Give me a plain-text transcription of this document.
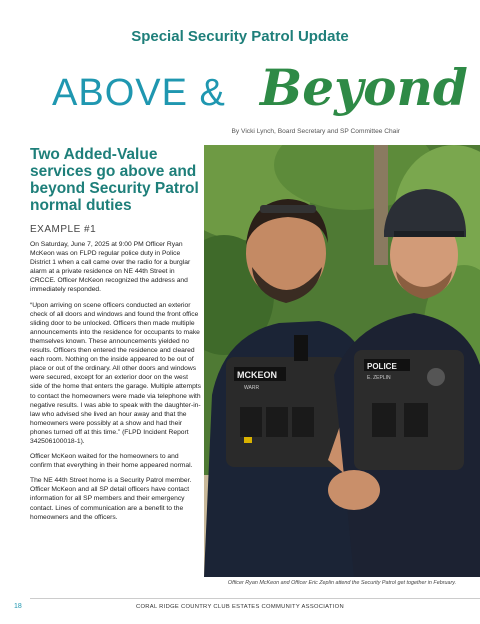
Special Security Patrol Update
ABOVE & Beyond
By Vicki Lynch, Board Secretary and SP Committee Chair
Two Added-Value services go above and beyond Security Patrol normal duties
EXAMPLE #1

On Saturday, June 7, 2025 at 9:00 PM Officer Ryan McKeon was on FLPD regular police duty in Police District 1 when a call came over the radio for a burglar alarm at a private residence on NE 44th Street in CRCCE. Officer McKeon recognized the address and immediately responded.

“Upon arriving on scene officers conducted an exterior check of all doors and windows and found the front office sliding door to be unlocked. Officers then made multiple announcements into the residence for occupants to make themselves known. These announcements yielded no results. Officers then entered the residence and cleared each room. Nothing on the inside appeared to be out of place or out of the ordinary. All other doors and windows were secured, except for an exterior door on the west side of the home that enters the garage. Multiple attempts to contact the homeowners were made via telephone with negative results. I was able to speak with the daughter-in-law who advised she lived an hour away and that the homeowners were possibly at a show and had their phones turned off at this time.” (FLPD Incident Report 342506100018-1).

Officer McKeon waited for the homeowners to and confirm that everything in their home appeared normal.

The NE 44th Street home is a Security Patrol member. Officer McKeon and all SP detail officers have contact information for all SP members and their emergency contact. Lines of communication are a benefit to the homeowners and the officers.

MCKEON
WARR
POLICE
E. ZEPLIN
Officer Ryan McKeon and Officer Eric Zeplin attend the Security Patrol get together in February.
18	CORAL RIDGE COUNTRY CLUB ESTATES COMMUNITY ASSOCIATION
